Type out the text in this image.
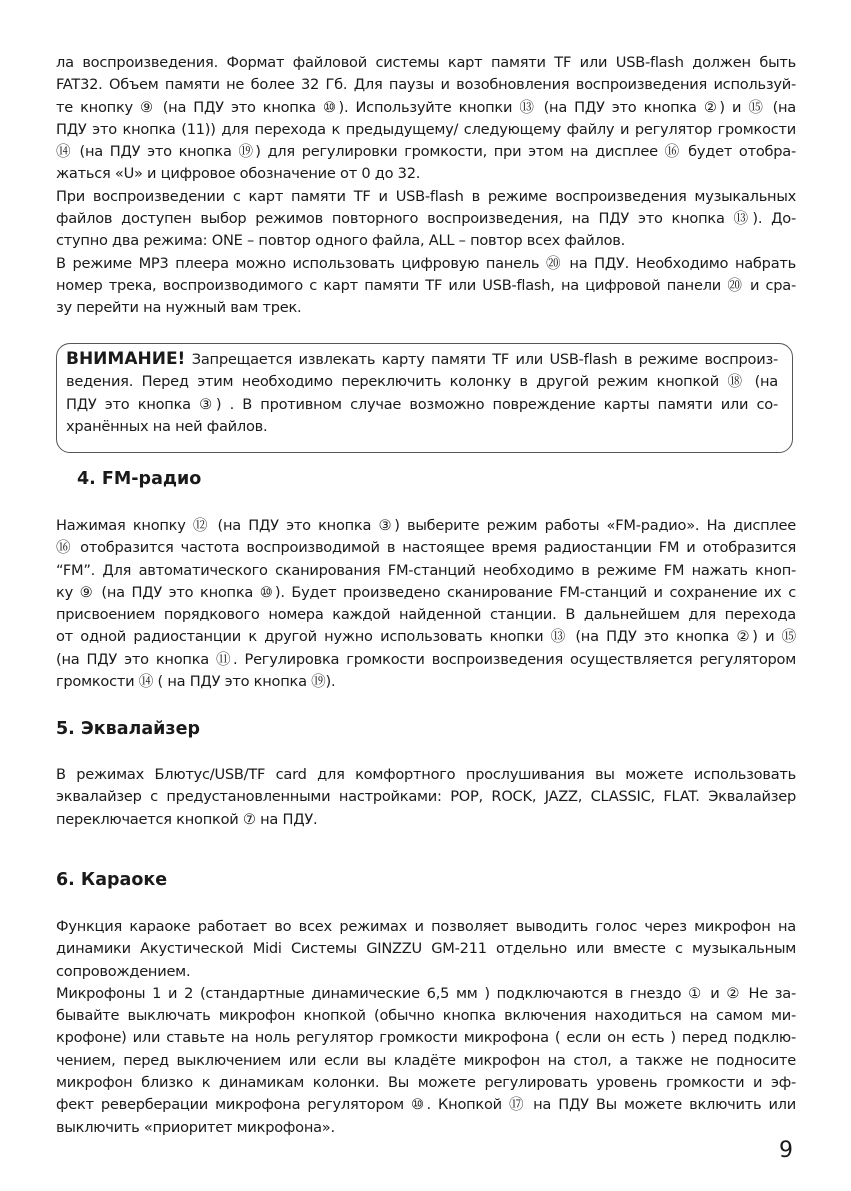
ла воспроизведения. Формат файловой системы карт памяти TF или USB-flash должен быть
FAT32. Объем памяти не более 32 Гб. Для паузы и возобновления воспроизведения используй-
те кнопку ⑨ (на ПДУ это кнопка ⑩). Используйте кнопки ⑬ (на ПДУ это кнопка ②) и ⑮ (на
ПДУ это кнопка (11)) для перехода к предыдущему/ следующему файлу и регулятор громкости
⑭ (на ПДУ это кнопка ⑲) для регулировки громкости, при этом на дисплее ⑯ будет отобра-
жаться «U» и цифровое обозначение от 0 до 32.
При воспроизведении с карт памяти TF и USB-flash в режиме воспроизведения музыкальных
файлов доступен выбор режимов повторного воспроизведения, на ПДУ это кнопка ⑬). До-
ступно два режима: ONE – повтор одного файла, ALL – повтор всех файлов.
В режиме MP3 плеера можно использовать цифровую панель ⑳ на ПДУ. Необходимо набрать
номер трека, воспроизводимого с карт памяти TF или USB-flash, на цифровой панели ⑳ и сра-
зу перейти на нужный вам трек.

ВНИМАНИЕ! Запрещается извлекать карту памяти TF или USB-flash в режиме воспроиз-
ведения. Перед этим необходимо переключить колонку в другой режим кнопкой ⑱ (на
ПДУ это кнопка ③) . В противном случае возможно повреждение карты памяти или со-
хранённых на ней файлов.

4. FM-радио

Нажимая кнопку ⑫ (на ПДУ это кнопка ③) выберите режим работы «FM-радио». На дисплее
⑯ отобразится частота воспроизводимой в настоящее время радиостанции FM и отобразится
“FM”. Для автоматического сканирования FM-станций необходимо в режиме FM нажать кноп-
ку ⑨ (на ПДУ это кнопка ⑩). Будет произведено сканирование FM-станций и сохранение их с
присвоением порядкового номера каждой найденной станции. В дальнейшем для перехода
от одной радиостанции к другой нужно использовать кнопки ⑬ (на ПДУ это кнопка ②) и ⑮
(на ПДУ это кнопка ⑪. Регулировка громкости воспроизведения осуществляется регулятором
громкости ⑭ ( на ПДУ это кнопка ⑲).

5. Эквалайзер

В режимах Блютус/USB/TF card для комфортного прослушивания вы можете использовать
эквалайзер с предустановленными настройками: POP, ROCK, JAZZ, CLASSIC, FLAT. Эквалайзер
переключается кнопкой ⑦ на ПДУ.

6. Караоке

Функция караоке работает во всех режимах и позволяет выводить голос через микрофон на
динамики Акустической Midi Системы GINZZU GM-211 отдельно или вместе с музыкальным
сопровождением.
Микрофоны 1 и 2 (стандартные динамические 6,5 мм ) подключаются в гнездо ① и ② Не за-
бывайте выключать микрофон кнопкой (обычно кнопка включения находиться на самом ми-
крофоне) или ставьте на ноль регулятор громкости микрофона ( если он есть ) перед подклю-
чением, перед выключением или если вы кладёте микрофон на стол, а также не подносите
микрофон близко к динамикам колонки. Вы можете регулировать уровень громкости и эф-
фект реверберации микрофона регулятором ⑩. Кнопкой ⑰ на ПДУ Вы можете включить или
выключить «приоритет микрофона».

9
